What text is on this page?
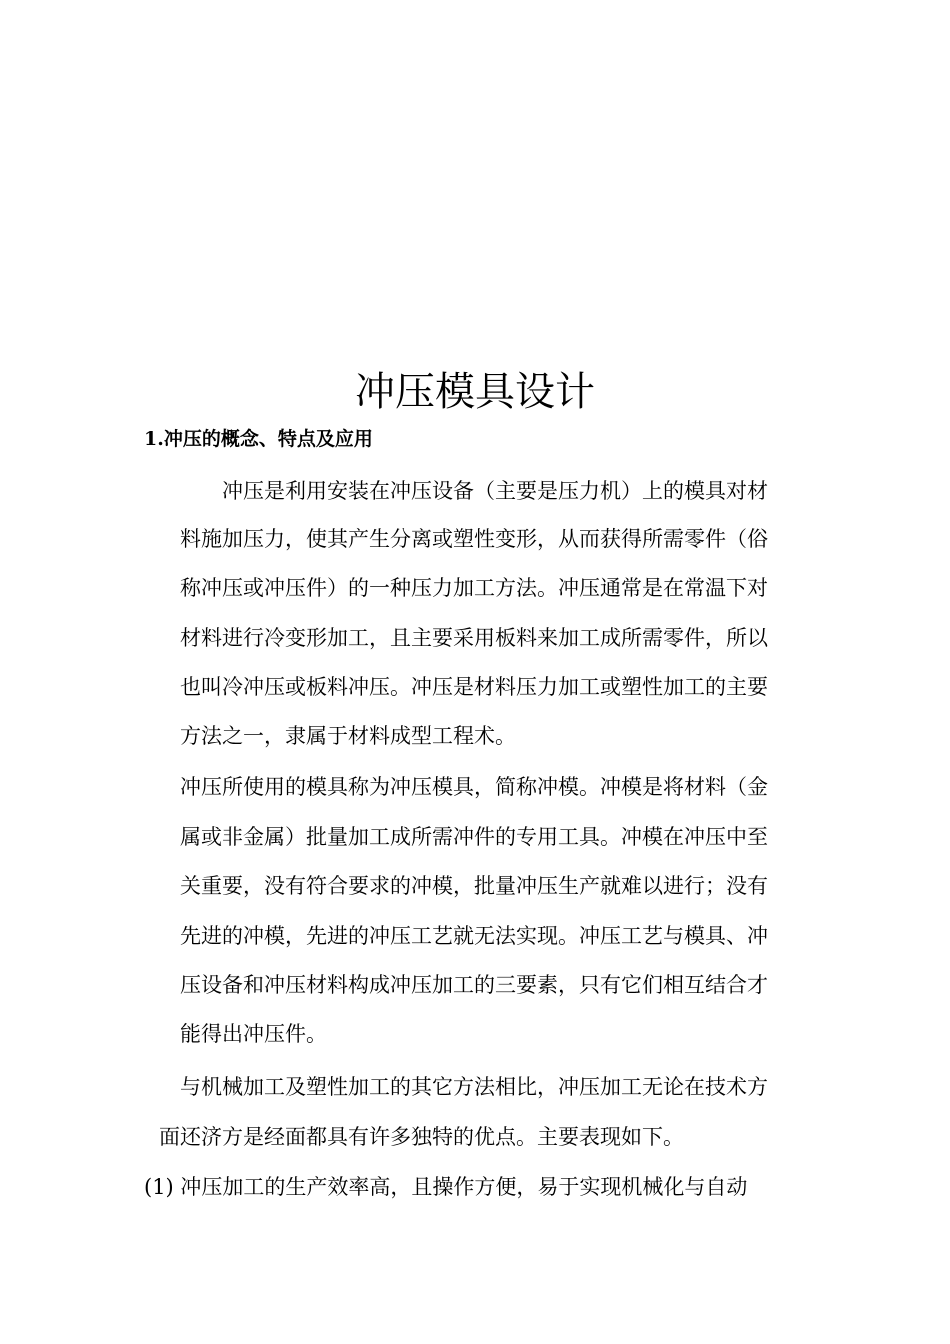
冲压模具设计
1.冲压的概念、特点及应用

冲压是利用安装在冲压设备（主要是压力机）上的模具对材

料施加压力，使其产生分离或塑性变形，从而获得所需零件（俗

称冲压或冲压件）的一种压力加工方法。冲压通常是在常温下对

材料进行冷变形加工，且主要采用板料来加工成所需零件，所以

也叫冷冲压或板料冲压。冲压是材料压力加工或塑性加工的主要

方法之一，隶属于材料成型工程术。

冲压所使用的模具称为冲压模具，简称冲模。冲模是将材料（金

属或非金属）批量加工成所需冲件的专用工具。冲模在冲压中至

关重要，没有符合要求的冲模，批量冲压生产就难以进行；没有

先进的冲模，先进的冲压工艺就无法实现。冲压工艺与模具、冲

压设备和冲压材料构成冲压加工的三要素，只有它们相互结合才

能得出冲压件。

与机械加工及塑性加工的其它方法相比，冲压加工无论在技术方

面还济方是经面都具有许多独特的优点。主要表现如下。

(1) 冲压加工的生产效率高，且操作方便，易于实现机械化与自动
